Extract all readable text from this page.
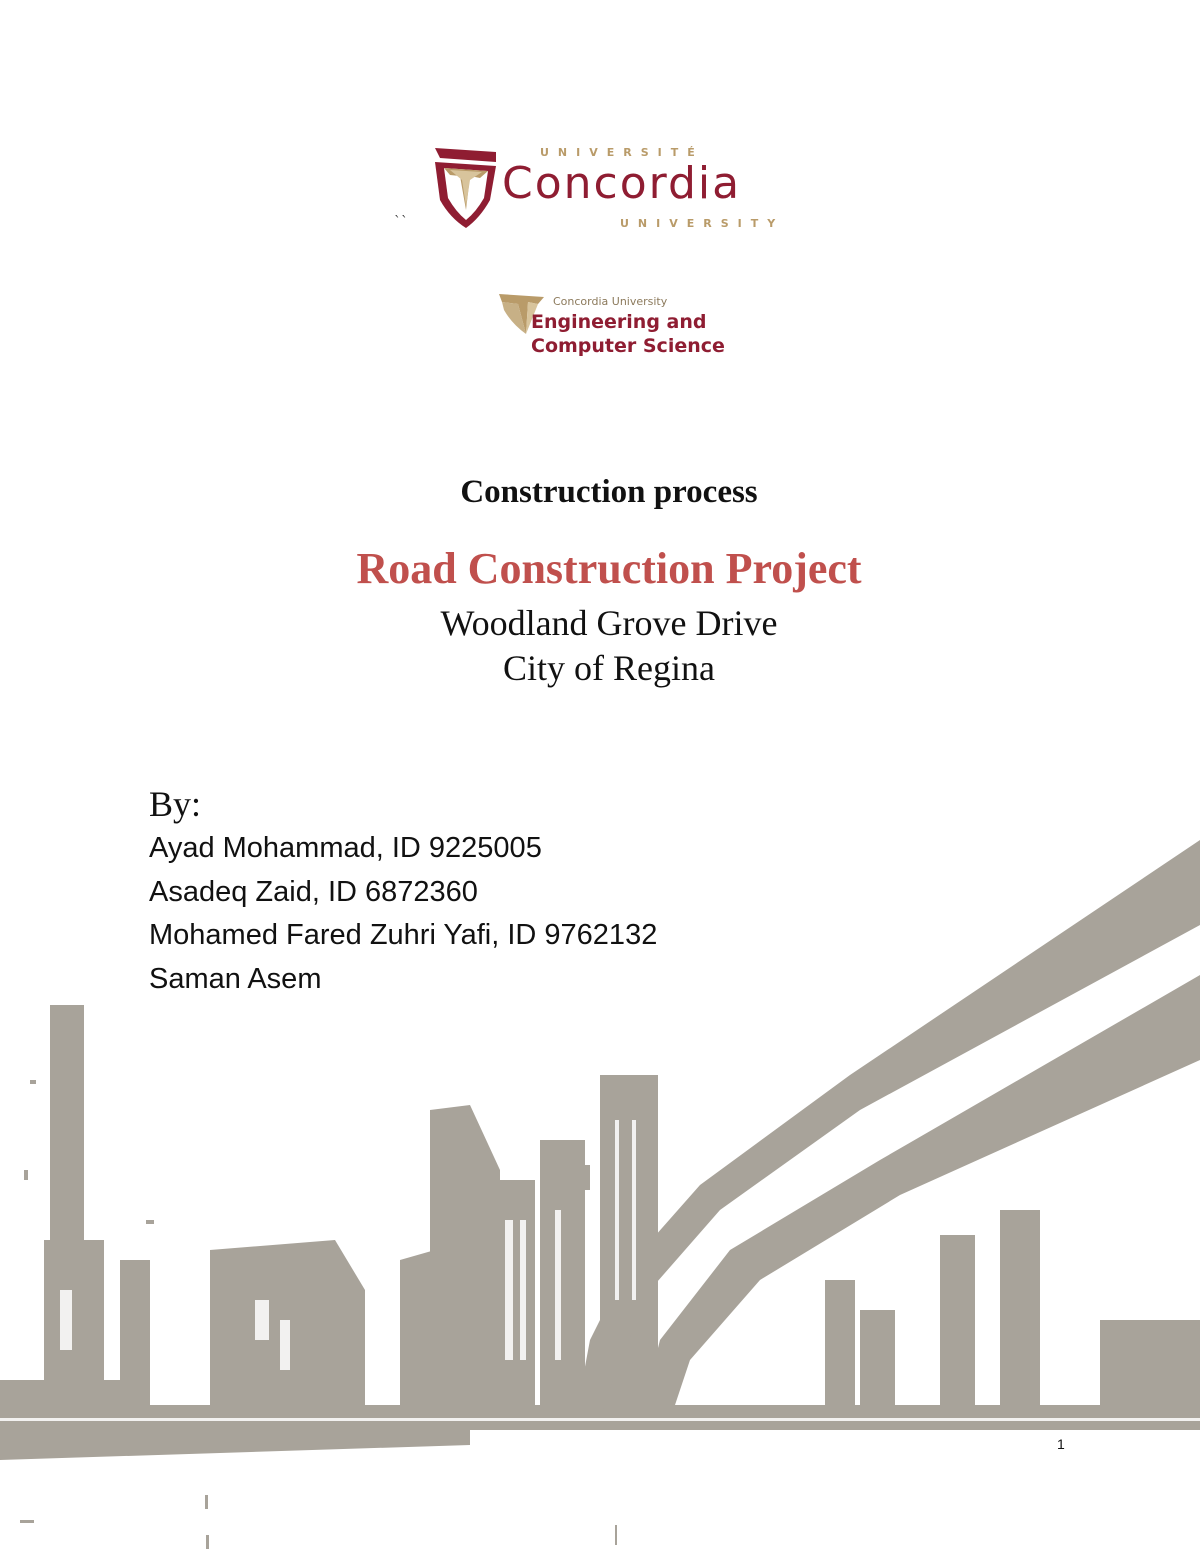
UNIVERSITÉ
Concordia
UNIVERSITY
``
Concordia University
Engineering and
Computer Science
Construction process
Road Construction Project
Woodland Grove Drive
City of Regina
By:
Ayad Mohammad, ID 9225005
Asadeq Zaid, ID 6872360
Mohamed Fared Zuhri Yafi, ID 9762132
Saman Asem
1
